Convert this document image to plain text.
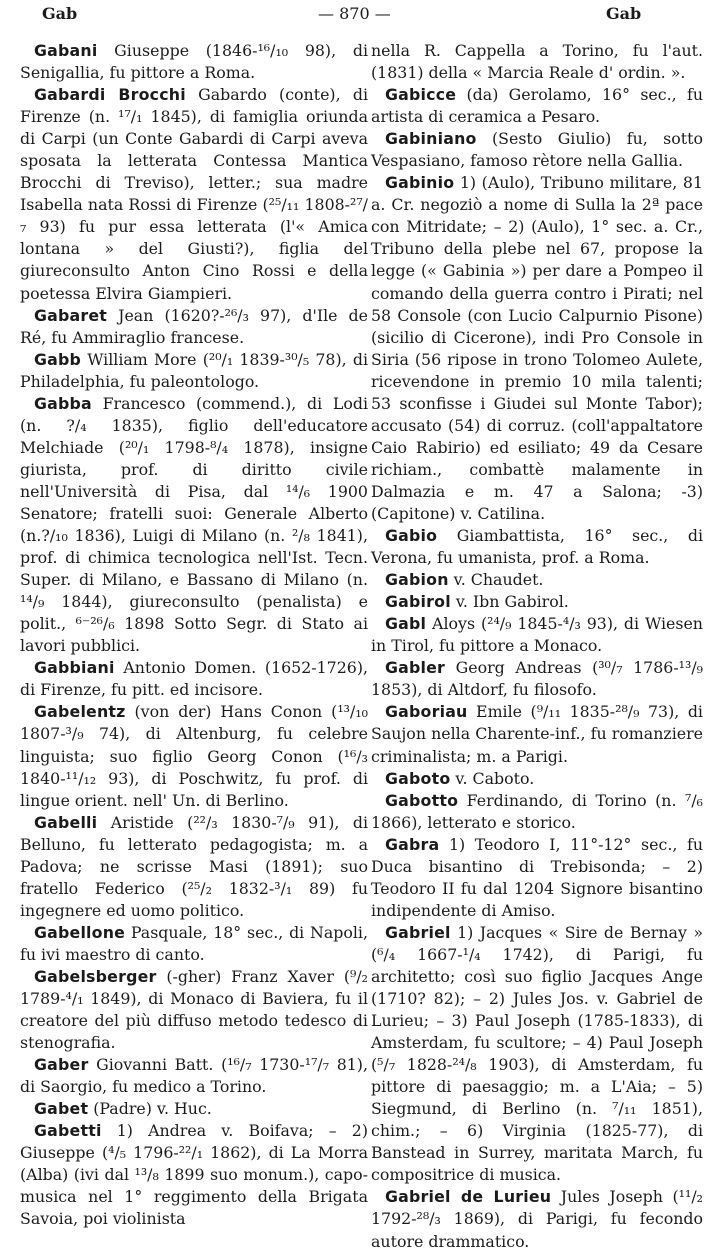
Gab	— 870 —	Gab

Gabani Giuseppe (1846-¹⁶/₁₀ 98), di Senigallia, fu pittore a Roma.

Gabardi Brocchi Gabardo (conte), di Firenze (n. ¹⁷/₁ 1845), di famiglia oriunda di Carpi (un Conte Gabardi di Carpi aveva sposata la letterata Contessa Mantica Brocchi di Treviso), letter.; sua madre Isabella nata Rossi di Firenze (²⁵/₁₁ 1808-²⁷/₇ 93) fu pur essa letterata (l'« Amica lontana » del Giusti?), figlia del giureconsulto Anton Cino Rossi e della poetessa Elvira Giampieri.

Gabaret Jean (1620?-²⁶/₃ 97), d'Ile de Ré, fu Ammiraglio francese.

Gabb William More (²⁰/₁ 1839-³⁰/₅ 78), di Philadelphia, fu paleontologo.

Gabba Francesco (commend.), di Lodi (n. ?/₄ 1835), figlio dell'educatore Melchiade (²⁰/₁ 1798-⁸/₄ 1878), insigne giurista, prof. di diritto civile nell'Università di Pisa, dal ¹⁴/₆ 1900 Senatore; fratelli suoi: Generale Alberto (n.?/₁₀ 1836), Luigi di Milano (n. ²/₈ 1841), prof. di chimica tecnologica nell'Ist. Tecn. Super. di Milano, e Bassano di Milano (n. ¹⁴/₉ 1844), giureconsulto (penalista) e polit., ⁶⁻²⁶/₆ 1898 Sotto Segr. di Stato ai lavori pubblici.

Gabbiani Antonio Domen. (1652-1726), di Firenze, fu pitt. ed incisore.

Gabelentz (von der) Hans Conon (¹³/₁₀ 1807-³/₉ 74), di Altenburg, fu celebre linguista; suo figlio Georg Conon (¹⁶/₃ 1840-¹¹/₁₂ 93), di Poschwitz, fu prof. di lingue orient. nell' Un. di Berlino.

Gabelli Aristide (²²/₃ 1830-⁷/₉ 91), di Belluno, fu letterato pedagogista; m. a Padova; ne scrisse Masi (1891); suo fratello Federico (²⁵/₂ 1832-³/₁ 89) fu ingegnere ed uomo politico.

Gabellone Pasquale, 18° sec., di Napoli, fu ivi maestro di canto.

Gabelsberger (-gher) Franz Xaver (⁹/₂ 1789-⁴/₁ 1849), di Monaco di Baviera, fu il creatore del più diffuso metodo tedesco di stenografia.

Gaber Giovanni Batt. (¹⁶/₇ 1730-¹⁷/₇ 81), di Saorgio, fu medico a Torino.

Gabet (Padre) v. Huc.

Gabetti 1) Andrea v. Boifava; – 2) Giuseppe (⁴/₅ 1796-²²/₁ 1862), di La Morra (Alba) (ivi dal ¹³/₈ 1899 suo monum.), capo-musica nel 1° reggimento della Brigata Savoia, poi violinista

nella R. Cappella a Torino, fu l'aut. (1831) della « Marcia Reale d' ordin. ».

Gabicce (da) Gerolamo, 16° sec., fu artista di ceramica a Pesaro.

Gabiniano (Sesto Giulio) fu, sotto Vespasiano, famoso rètore nella Gallia.

Gabinio 1) (Aulo), Tribuno militare, 81 a. Cr. negoziò a nome di Sulla la 2ª pace con Mitridate; – 2) (Aulo), 1° sec. a. Cr., Tribuno della plebe nel 67, propose la legge (« Gabinia ») per dare a Pompeo il comando della guerra contro i Pirati; nel 58 Console (con Lucio Calpurnio Pisone) (sicilio di Cicerone), indi Pro Console in Siria (56 ripose in trono Tolomeo Aulete, ricevendone in premio 10 mila talenti; 53 sconfisse i Giudei sul Monte Tabor); accusato (54) di corruz. (coll'appaltatore Caio Rabirio) ed esiliato; 49 da Cesare richiam., combattè malamente in Dalmazia e m. 47 a Salona; -3) (Capitone) v. Catilina.

Gabio Giambattista, 16° sec., di Verona, fu umanista, prof. a Roma.

Gabion v. Chaudet.

Gabirol v. Ibn Gabirol.

Gabl Aloys (²⁴/₉ 1845-⁴/₃ 93), di Wiesen in Tirol, fu pittore a Monaco.

Gabler Georg Andreas (³⁰/₇ 1786-¹³/₉ 1853), di Altdorf, fu filosofo.

Gaboriau Emile (⁹/₁₁ 1835-²⁸/₉ 73), di Saujon nella Charente-inf., fu romanziere criminalista; m. a Parigi.

Gaboto v. Caboto.

Gabotto Ferdinando, di Torino (n. ⁷/₆ 1866), letterato e storico.

Gabra 1) Teodoro I, 11°-12° sec., fu Duca bisantino di Trebisonda; – 2) Teodoro II fu dal 1204 Signore bisantino indipendente di Amiso.

Gabriel 1) Jacques « Sire de Bernay » (⁶/₄ 1667-¹/₄ 1742), di Parigi, fu architetto; così suo figlio Jacques Ange (1710? 82); – 2) Jules Jos. v. Gabriel de Lurieu; – 3) Paul Joseph (1785-1833), di Amsterdam, fu scultore; – 4) Paul Joseph (⁵/₇ 1828-²⁴/₈ 1903), di Amsterdam, fu pittore di paesaggio; m. a L'Aia; – 5) Siegmund, di Berlino (n. ⁷/₁₁ 1851), chim.; – 6) Virginia (1825-77), di Banstead in Surrey, maritata March, fu compositrice di musica.

Gabriel de Lurieu Jules Joseph (¹¹/₂ 1792-²⁸/₃ 1869), di Parigi, fu fecondo autore drammatico.
